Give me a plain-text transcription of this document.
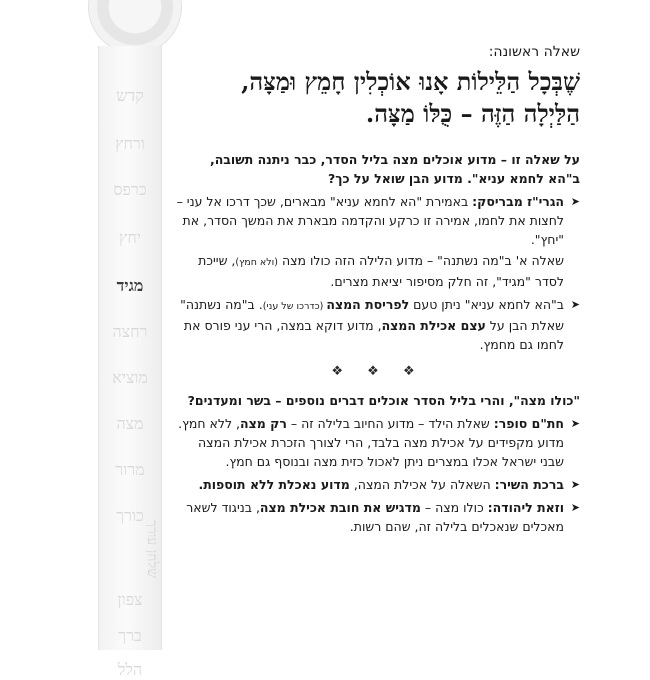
קדש
ורחץ
כרפס
יחץ
מגיד
רחצה
מוציא
מצה
מרור
כורך
שלחן עורך
צפון
ברך
הלל
שאלה ראשונה:
שֶׁבְּכָל הַלֵּילוֹת אָנוּ אוֹכְלִין חָמֵץ וּמַצָּה,
הַלַּיְלָה הַזֶּה – כֻּלּוֹ מַצָּה.

על שאלה זו – מדוע אוכלים מצה בליל הסדר, כבר ניתנה תשובה, ב"הא לחמא עניא". מדוע הבן שואל על כך?

➤ הגרי"ז מבריסק: באמירת "הא לחמא עניא" מבארים, שכך דרכו אל עני – לחצות את לחמו, אמירה זו כרקע והקדמה מבארת את המשך הסדר, את "יחץ".

שאלה א' ב"מה נשתנה" – מדוע הלילה הזה כולו מצה (ולא חמץ), שייכת לסדר "מגיד", זה חלק מסיפור יציאת מצרים.

➤ ב"הא לחמא עניא" ניתן טעם לפריסת המצה (כדרכו של עני). ב"מה נשתנה" שאלת הבן על עצם אכילת המצה, מדוע דוקא במצה, הרי עני פורס את לחמו גם מחמץ.

❖ ❖ ❖

"כולו מצה", והרי בליל הסדר אוכלים דברים נוספים – בשר ומעדנים?

➤ חת"ם סופר: שאלת הילד – מדוע החיוב בלילה זה – רק מצה, ללא חמץ. מדוע מקפידים על אכילת מצה בלבד, הרי לצורך הזכרת אכילת המצה שבני ישראל אכלו במצרים ניתן לאכול כזית מצה ובנוסף גם חמץ.

➤ ברכת השיר: השאלה על אכילת המצה, מדוע נאכלת ללא תוספות.

➤ וזאת ליהודה: כולו מצה – מדגיש את חובת אכילת מצה, בניגוד לשאר מאכלים שנאכלים בלילה זה, שהם רשות.
